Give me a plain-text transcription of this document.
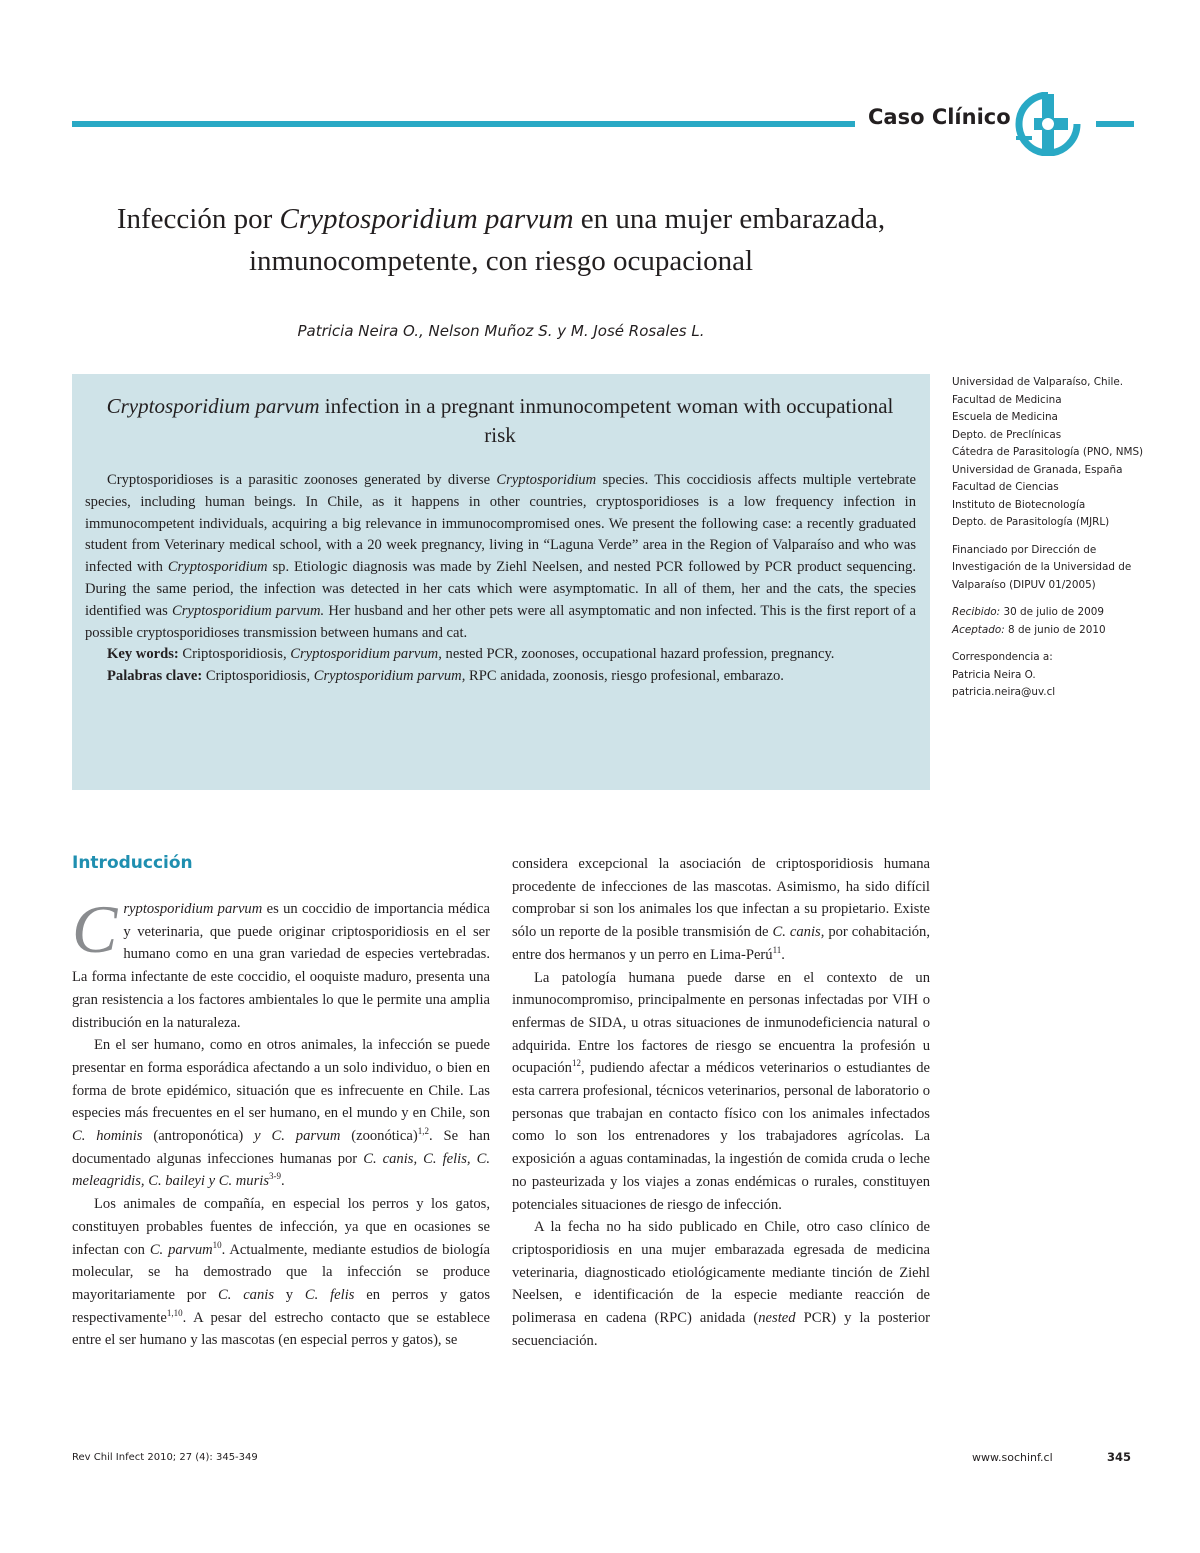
Caso Clínico
Infección por Cryptosporidium parvum en una mujer embarazada, inmunocompetente, con riesgo ocupacional
Patricia Neira O., Nelson Muñoz S. y M. José Rosales L.
Cryptosporidium parvum infection in a pregnant inmunocompetent woman with occupational risk

Cryptosporidioses is a parasitic zoonoses generated by diverse Cryptosporidium species. This coccidiosis affects multiple vertebrate species, including human beings. In Chile, as it happens in other countries, cryptosporidioses is a low frequency infection in immunocompetent individuals, acquiring a big relevance in immunocompromised ones. We present the following case: a recently graduated student from Veterinary medical school, with a 20 week pregnancy, living in “Laguna Verde” area in the Region of Valparaíso and who was infected with Cryptosporidium sp. Etiologic diagnosis was made by Ziehl Neelsen, and nested PCR followed by PCR product sequencing. During the same period, the infection was detected in her cats which were asymptomatic. In all of them, her and the cats, the species identified was Cryptosporidium parvum. Her husband and her other pets were all asymptomatic and non infected. This is the first report of a possible cryptosporidioses transmission between humans and cat.

Key words: Criptosporidiosis, Cryptosporidium parvum, nested PCR, zoonoses, occupational hazard profession, pregnancy.

Palabras clave: Criptosporidiosis, Cryptosporidium parvum, RPC anidada, zoonosis, riesgo profesional, embarazo.

Universidad de Valparaíso, Chile.
Facultad de Medicina
Escuela de Medicina
Depto. de Preclínicas
Cátedra de Parasitología (PNO, NMS)
Universidad de Granada, España
Facultad de Ciencias
Instituto de Biotecnología
Depto. de Parasitología (MJRL)
Financiado por Dirección de Investigación de la Universidad de Valparaíso (DIPUV 01/2005)
Recibido: 30 de julio de 2009
Aceptado: 8 de junio de 2010
Correspondencia a:
Patricia Neira O.
patricia.neira@uv.cl
Introducción

Cryptosporidium parvum es un coccidio de importancia médica y veterinaria, que puede originar criptosporidiosis en el ser humano como en una gran variedad de especies vertebradas. La forma infectante de este coccidio, el ooquiste maduro, presenta una gran resistencia a los factores ambientales lo que le permite una amplia distribución en la naturaleza.

En el ser humano, como en otros animales, la infección se puede presentar en forma esporádica afectando a un solo individuo, o bien en forma de brote epidémico, situación que es infrecuente en Chile. Las especies más frecuentes en el ser humano, en el mundo y en Chile, son C. hominis (antroponótica) y C. parvum (zoonótica)$^{1,2}$. Se han documentado algunas infecciones humanas por C. canis, C. felis, C. meleagridis, C. baileyi y C. muris$^{3-9}$.

Los animales de compañía, en especial los perros y los gatos, constituyen probables fuentes de infección, ya que en ocasiones se infectan con C. parvum$^{10}$. Actualmente, mediante estudios de biología molecular, se ha demostrado que la infección se produce mayoritariamente por C. canis y C. felis en perros y gatos respectivamente$^{1,10}$. A pesar del estrecho contacto que se establece entre el ser humano y las mascotas (en especial perros y gatos), se

considera excepcional la asociación de criptosporidiosis humana procedente de infecciones de las mascotas. Asimismo, ha sido difícil comprobar si son los animales los que infectan a su propietario. Existe sólo un reporte de la posible transmisión de C. canis, por cohabitación, entre dos hermanos y un perro en Lima-Perú$^{11}$.

La patología humana puede darse en el contexto de un inmunocompromiso, principalmente en personas infectadas por VIH o enfermas de SIDA, u otras situaciones de inmunodeficiencia natural o adquirida. Entre los factores de riesgo se encuentra la profesión u ocupación$^{12}$, pudiendo afectar a médicos veterinarios o estudiantes de esta carrera profesional, técnicos veterinarios, personal de laboratorio o personas que trabajan en contacto físico con los animales infectados como lo son los entrenadores y los trabajadores agrícolas. La exposición a aguas contaminadas, la ingestión de comida cruda o leche no pasteurizada y los viajes a zonas endémicas o rurales, constituyen potenciales situaciones de riesgo de infección.

A la fecha no ha sido publicado en Chile, otro caso clínico de criptosporidiosis en una mujer embarazada egresada de medicina veterinaria, diagnosticado etiológicamente mediante tinción de Ziehl Neelsen, e identificación de la especie mediante reacción de polimerasa en cadena (RPC) anidada (nested PCR) y la posterior secuenciación.

Rev Chil Infect 2010; 27 (4): 345-349	www.sochinf.cl	345
